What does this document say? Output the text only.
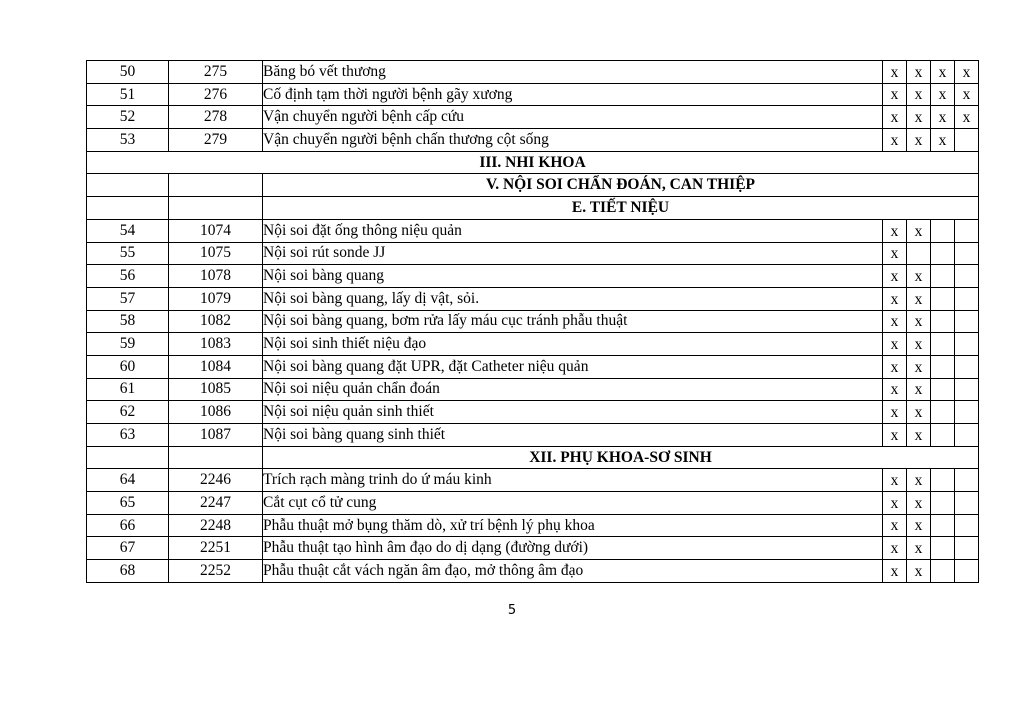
50	275	Băng bó vết thương	x	x	x	x
51	276	Cố định tạm thời người bệnh gãy xương	x	x	x	x
52	278	Vận chuyển người bệnh cấp cứu	x	x	x	x
53	279	Vận chuyển người bệnh chấn thương cột sống	x	x	x	
III. NHI KHOA						
		V. NỘI SOI CHẨN ĐOÁN, CAN THIỆP				
		E. TIẾT NIỆU				
54	1074	Nội soi đặt ống thông niệu quản	x	x		
55	1075	Nội soi rút sonde JJ	x			
56	1078	Nội soi bàng quang	x	x		
57	1079	Nội soi bàng quang, lấy dị vật, sỏi.	x	x		
58	1082	Nội soi bàng quang, bơm rửa lấy máu cục tránh phẫu thuật	x	x		
59	1083	Nội soi sinh thiết niệu đạo	x	x		
60	1084	Nội soi bàng quang đặt UPR, đặt Catheter niệu quản	x	x		
61	1085	Nội soi niệu quản chẩn đoán	x	x		
62	1086	Nội soi niệu quản sinh thiết	x	x		
63	1087	Nội soi bàng quang sinh thiết	x	x		
		XII. PHỤ KHOA-SƠ SINH				
64	2246	Trích rạch màng trinh do ứ máu kinh	x	x		
65	2247	Cắt cụt cổ tử cung	x	x		
66	2248	Phẫu thuật mở bụng thăm dò, xử trí bệnh lý phụ khoa	x	x		
67	2251	Phẫu thuật tạo hình âm đạo do dị dạng (đường dưới)	x	x		
68	2252	Phẫu thuật cắt vách ngăn âm đạo, mở thông âm đạo	x	x		
5
